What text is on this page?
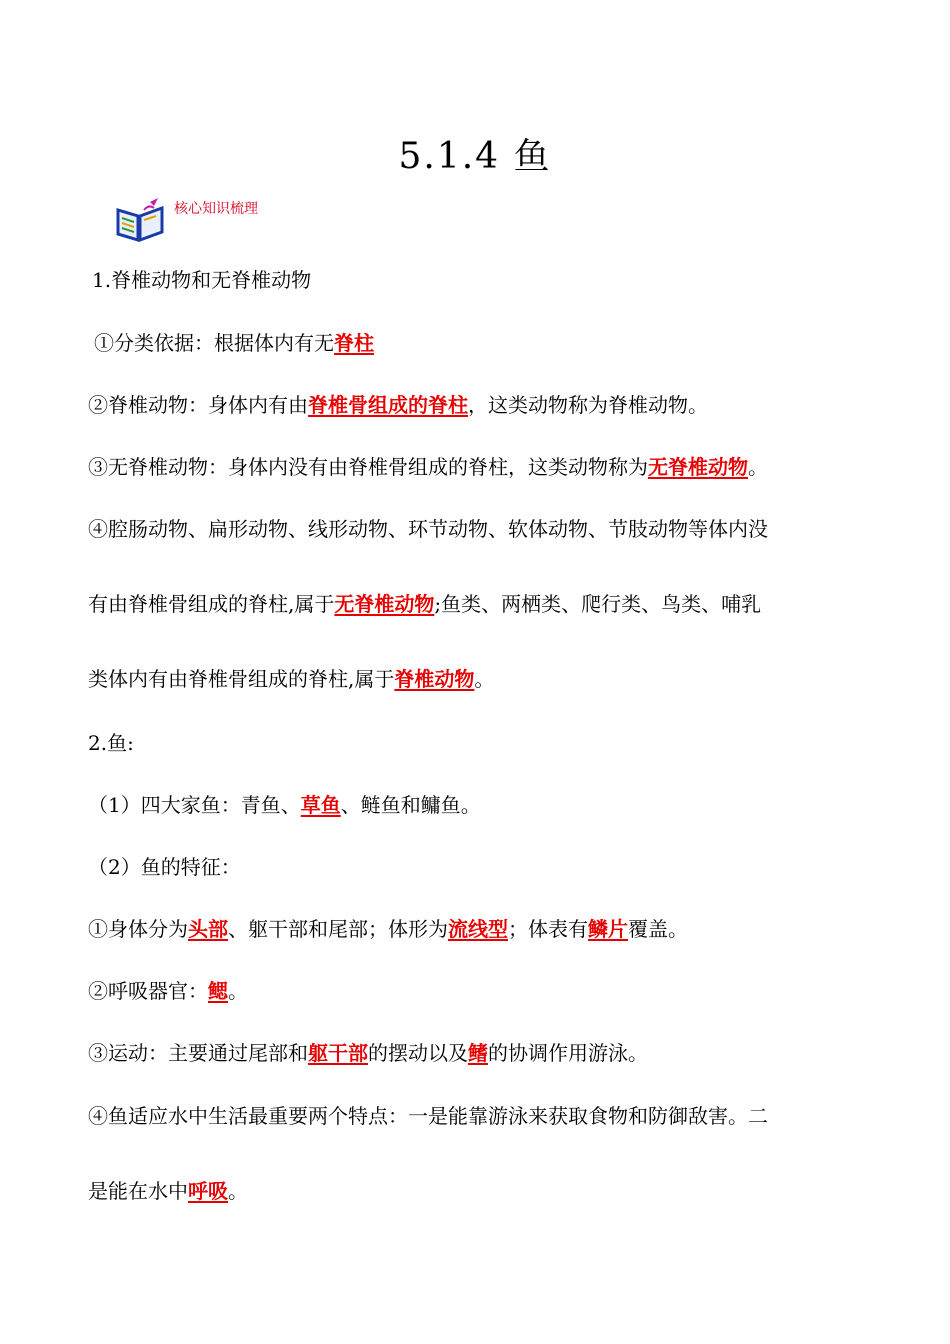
5.1.4 鱼
核心知识梳理
1.脊椎动物和无脊椎动物
①分类依据：根据体内有无脊柱
②脊椎动物：身体内有由脊椎骨组成的脊柱，这类动物称为脊椎动物。
③无脊椎动物：身体内没有由脊椎骨组成的脊柱，这类动物称为无脊椎动物。
④腔肠动物、扁形动物、线形动物、环节动物、软体动物、节肢动物等体内没
有由脊椎骨组成的脊柱,属于无脊椎动物;鱼类、两栖类、爬行类、鸟类、哺乳
类体内有由脊椎骨组成的脊柱,属于脊椎动物。
2.鱼:
（1）四大家鱼：青鱼、草鱼、鲢鱼和鳙鱼。
（2）鱼的特征：
①身体分为头部、躯干部和尾部；体形为流线型；体表有鳞片覆盖。
②呼吸器官：鳃。
③运动：主要通过尾部和躯干部的摆动以及鳍的协调作用游泳。
④鱼适应水中生活最重要两个特点：一是能靠游泳来获取食物和防御敌害。二
是能在水中呼吸。
